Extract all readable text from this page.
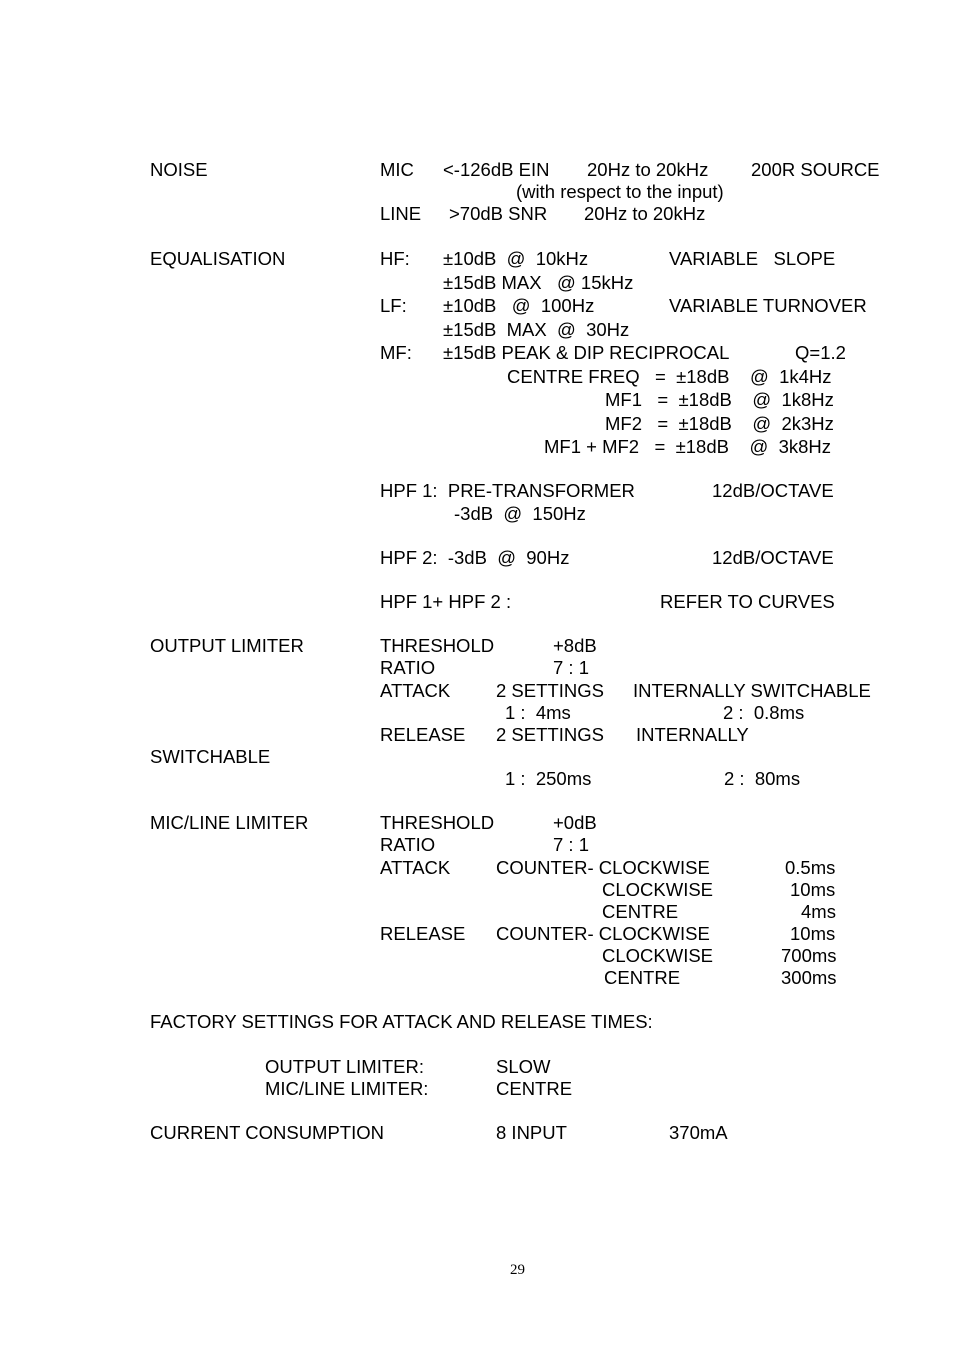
NOISE	MIC <-126dB EIN 20Hz to 20kHz 200R SOURCE
(with respect to the input)
LINE >70dB SNR 20Hz to 20kHz
EQUALISATION	HF: ±10dB  @  10kHz	VARIABLE   SLOPE
±15dB MAX   @ 15kHz
LF: ±10dB   @  100Hz	VARIABLE TURNOVER
±15dB  MAX  @  30Hz
MF: ±15dB PEAK & DIP RECIPROCAL	Q=1.2
CENTRE FREQ   =  ±18dB    @  1k4Hz
MF1   =  ±18dB    @  1k8Hz
MF2   =  ±18dB    @  2k3Hz
MF1 + MF2   =  ±18dB    @  3k8Hz
HPF 1:  PRE-TRANSFORMER	12dB/OCTAVE
-3dB  @  150Hz
HPF 2:  -3dB  @  90Hz	12dB/OCTAVE
HPF 1+ HPF 2 :	REFER TO CURVES
OUTPUT LIMITER	THRESHOLD	+8dB
RATIO	7 : 1
ATTACK 2 SETTINGS INTERNALLY SWITCHABLE
1 :  4ms	2 :  0.8ms
RELEASE 2 SETTINGS INTERNALLY
SWITCHABLE
1 :  250ms	2 :  80ms
MIC/LINE LIMITER	THRESHOLD	+0dB
RATIO	7 : 1
ATTACK COUNTER- CLOCKWISE	0.5ms
CLOCKWISE	10ms
CENTRE	4ms
RELEASE COUNTER- CLOCKWISE	10ms
CLOCKWISE	700ms
CENTRE	300ms
FACTORY SETTINGS FOR ATTACK AND RELEASE TIMES:
OUTPUT LIMITER:	SLOW
MIC/LINE LIMITER:	CENTRE
CURRENT CONSUMPTION	8 INPUT	370mA
29
